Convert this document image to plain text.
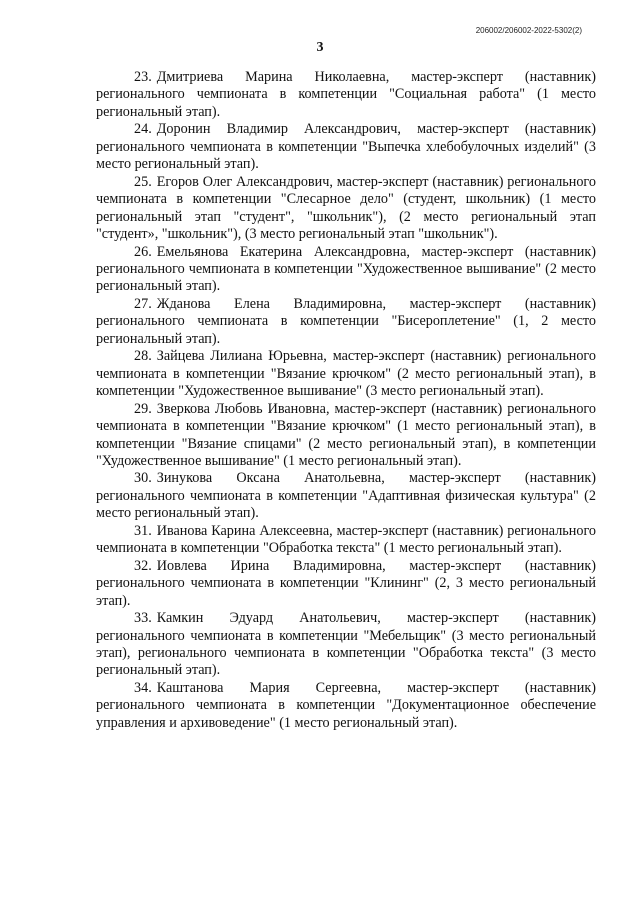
206002/206002-2022-5302(2)
3

23. Дмитриева Марина Николаевна, мастер-эксперт (наставник) регионального чемпионата в компетенции "Социальная работа" (1 место региональный этап).

24. Доронин Владимир Александрович, мастер-эксперт (наставник) регионального чемпионата в компетенции "Выпечка хлебобулочных изделий" (3 место региональный этап).

25. Егоров Олег Александрович, мастер-эксперт (наставник) регионального чемпионата в компетенции "Слесарное дело" (студент, школьник) (1 место региональный этап "студент", "школьник"), (2 место региональный этап "студент», "школьник"), (3 место региональный этап "школьник").

26. Емельянова Екатерина Александровна, мастер-эксперт (наставник) регионального чемпионата в компетенции "Художественное вышивание" (2 место региональный этап).

27. Жданова Елена Владимировна, мастер-эксперт (наставник) регионального чемпионата в компетенции "Бисероплетение" (1, 2 место региональный этап).

28. Зайцева Лилиана Юрьевна, мастер-эксперт (наставник) регионального чемпионата в компетенции "Вязание крючком" (2 место региональный этап), в компетенции "Художественное вышивание" (3 место региональный этап).

29. Зверкова Любовь Ивановна, мастер-эксперт (наставник) регионального чемпионата в компетенции "Вязание крючком" (1 место региональный этап), в компетенции "Вязание спицами" (2 место региональный этап), в компетенции "Художественное вышивание" (1 место региональный этап).

30. Зинукова Оксана Анатольевна, мастер-эксперт (наставник) регионального чемпионата в компетенции "Адаптивная физическая культура" (2 место региональный этап).

31. Иванова Карина Алексеевна, мастер-эксперт (наставник) регионального чемпионата в компетенции "Обработка текста" (1 место региональный этап).

32. Иовлева Ирина Владимировна, мастер-эксперт (наставник) регионального чемпионата в компетенции "Клининг" (2, 3 место региональный этап).

33. Камкин Эдуард Анатольевич, мастер-эксперт (наставник) регионального чемпионата в компетенции "Мебельщик" (3 место региональный этап), регионального чемпионата в компетенции "Обработка текста" (3 место региональный этап).

34. Каштанова Мария Сергеевна, мастер-эксперт (наставник) регионального чемпионата в компетенции "Документационное обеспечение управления и архивоведение" (1 место региональный этап).
